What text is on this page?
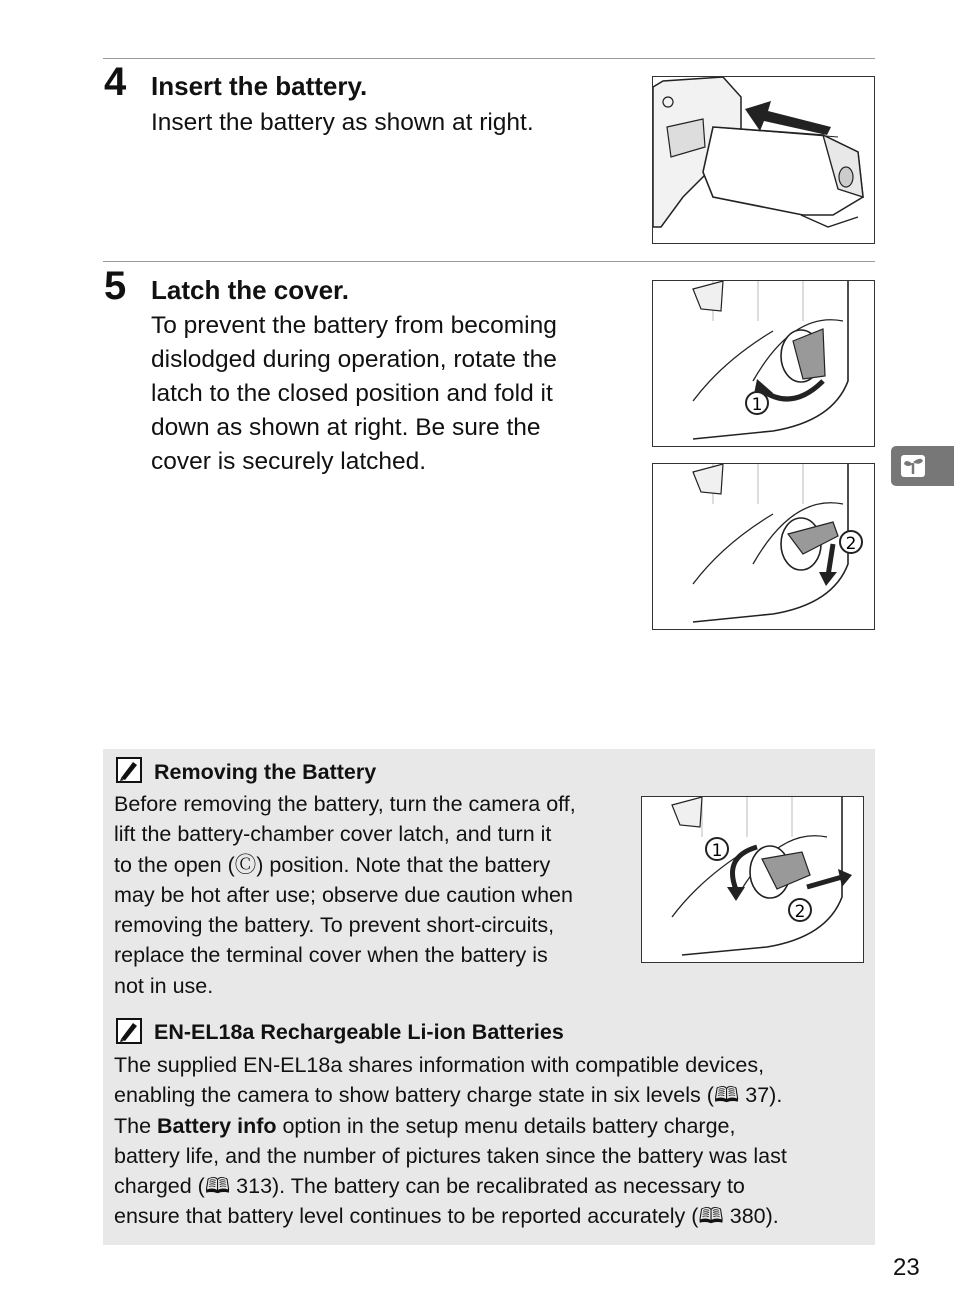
4 Insert the battery.
Insert the battery as shown at right.
5 Latch the cover.
To prevent the battery from becoming
dislodged during operation, rotate the
latch to the closed position and fold it
down as shown at right. Be sure the
cover is securely latched.
1
2
Removing the Battery
Before removing the battery, turn the camera off,
lift the battery-chamber cover latch, and turn it
to the open (Ⓒ) position. Note that the battery
may be hot after use; observe due caution when
removing the battery. To prevent short-circuits,
replace the terminal cover when the battery is
not in use.
1
2
EN-EL18a Rechargeable Li-ion Batteries
The supplied EN-EL18a shares information with compatible devices,
enabling the camera to show battery charge state in six levels (🕮 37).
The Battery info option in the setup menu details battery charge,
battery life, and the number of pictures taken since the battery was last
charged (🕮 313). The battery can be recalibrated as necessary to
ensure that battery level continues to be reported accurately (🕮 380).
23
